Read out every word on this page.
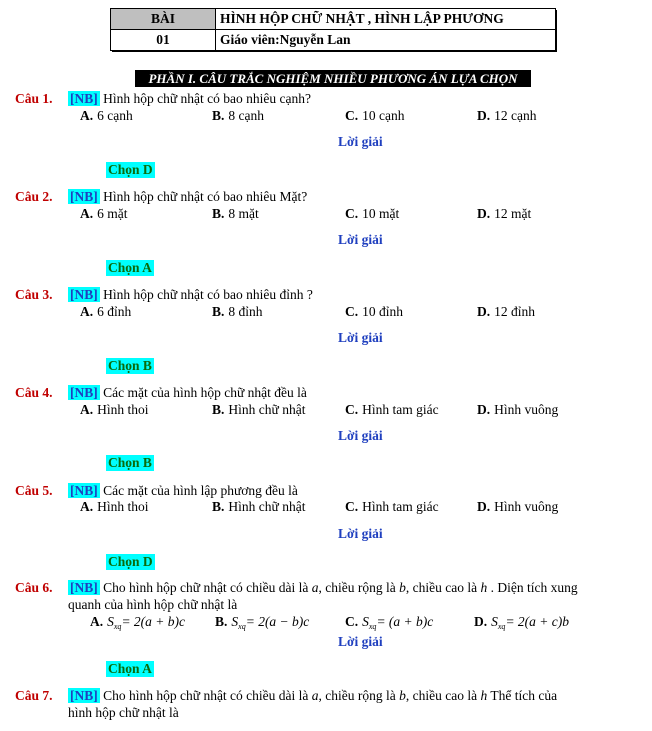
BÀI	HÌNH HỘP CHỮ NHẬT , HÌNH LẬP PHƯƠNG
01	Giáo viên:Nguyễn Lan
PHẦN I. CÂU TRẮC NGHIỆM NHIỀU PHƯƠNG ÁN LỰA CHỌN
Câu 1. [NB] Hình hộp chữ nhật có bao nhiêu cạnh?
A. 6 cạnh	B. 8 cạnh	C. 10 cạnh	D. 12 cạnh
Lời giải
Chọn D
Câu 2. [NB] Hình hộp chữ nhật có bao nhiêu Mặt?
A. 6 mặt	B. 8 mặt	C. 10 mặt	D. 12 mặt
Lời giải
Chọn A
Câu 3. [NB] Hình hộp chữ nhật có bao nhiêu đỉnh ?
A. 6 đỉnh	B. 8 đỉnh	C. 10 đỉnh	D. 12 đỉnh
Lời giải
Chọn B
Câu 4. [NB] Các mặt của hình hộp chữ nhật đều là
A. Hình thoi	B. Hình chữ nhật	C. Hình tam giác	D. Hình vuông
Lời giải
Chọn B
Câu 5. [NB] Các mặt của hình lập phương đều là
A. Hình thoi	B. Hình chữ nhật	C. Hình tam giác	D. Hình vuông
Lời giải
Chọn D
Câu 6. [NB] Cho hình hộp chữ nhật có chiều dài là a, chiều rộng là b, chiều cao là h . Diện tích xung
quanh của hình hộp chữ nhật là
A. $S_{xq}= 2(a + b)c$ B. $S_{xq}= 2(a - b)c$	C. $S_{xq}= (a + b)c$	D. $S_{xq}= 2(a + c)b$
Lời giải
Chọn A
Câu 7. [NB] Cho hình hộp chữ nhật có chiều dài là a, chiều rộng là b, chiều cao là h Thể tích của
hình hộp chữ nhật là
